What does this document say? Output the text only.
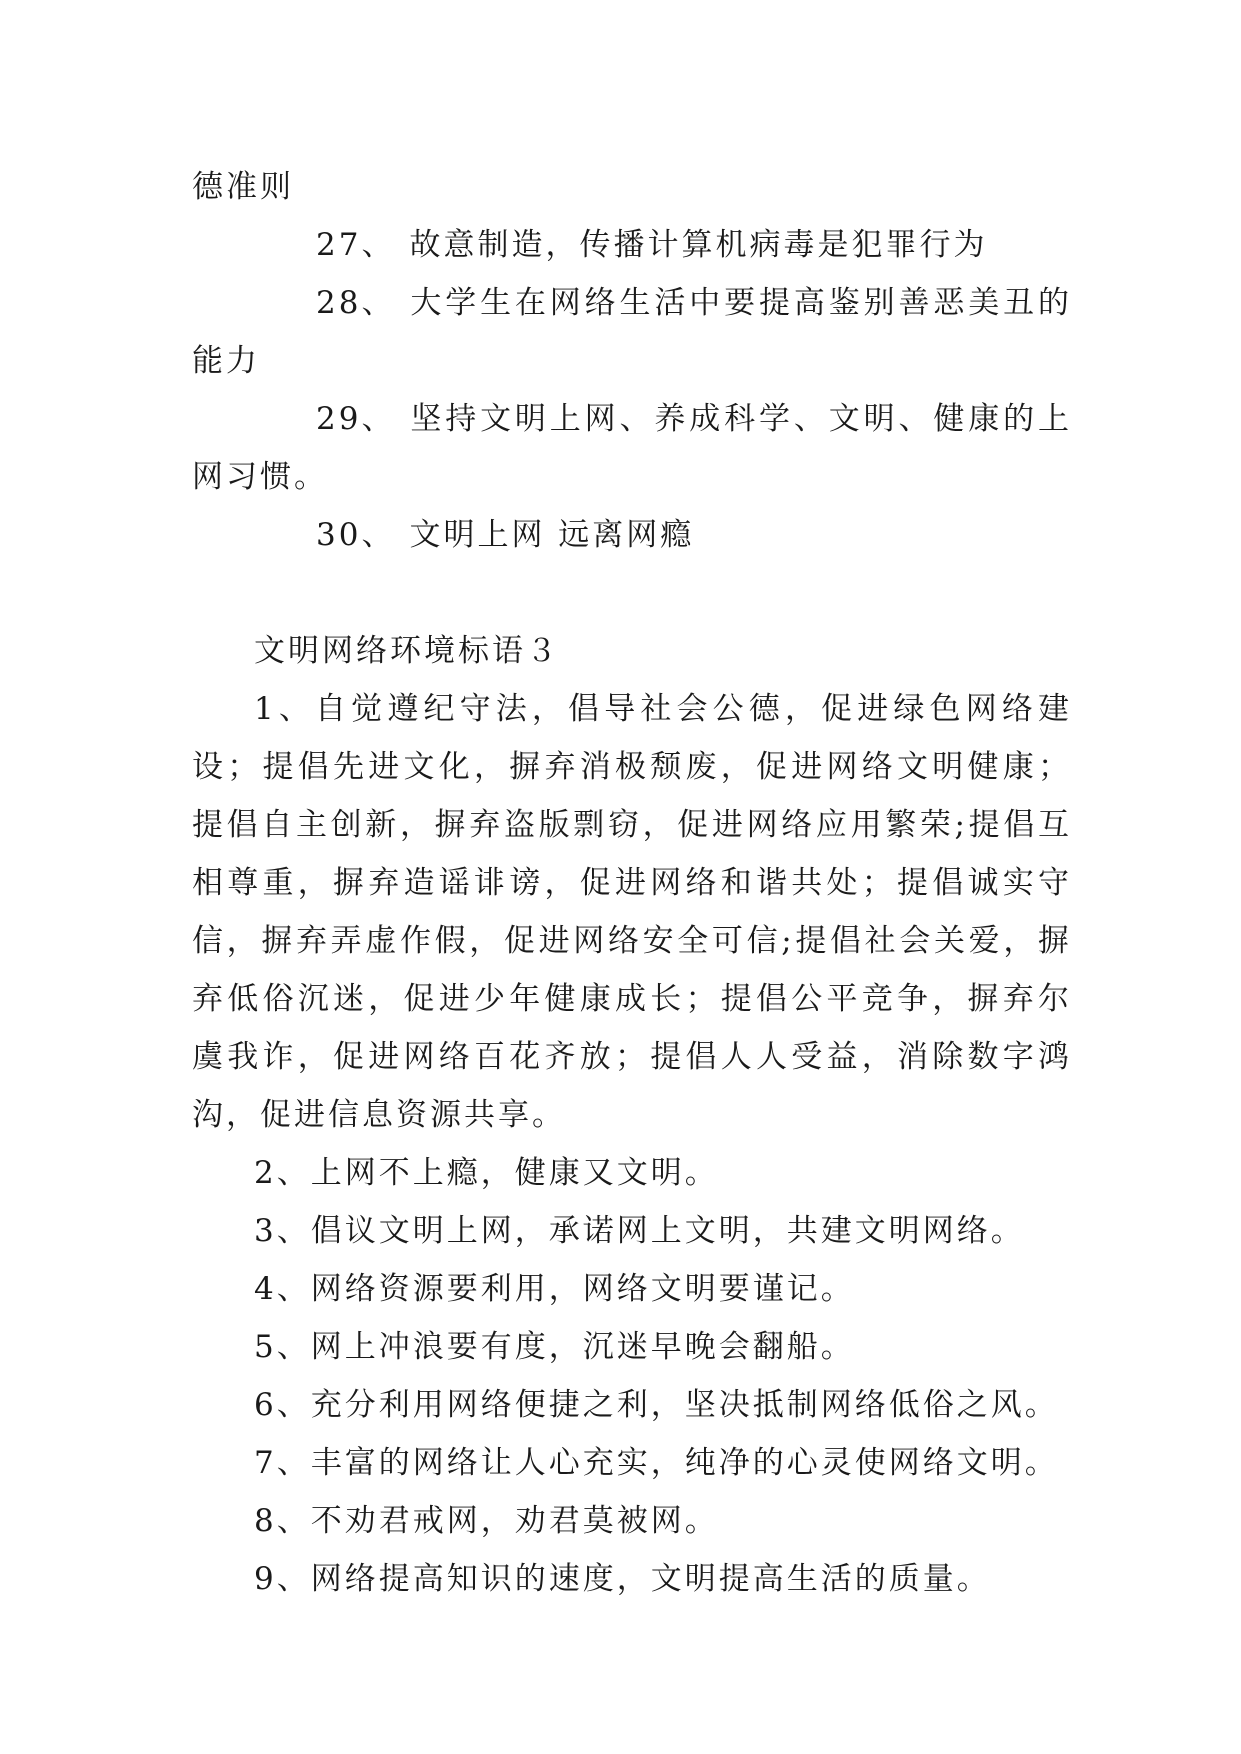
德准则

27、 故意制造，传播计算机病毒是犯罪行为

28、 大学生在网络生活中要提高鉴别善恶美丑的能力

29、 坚持文明上网、养成科学、文明、健康的上网习惯。

30、 文明上网 远离网瘾

文明网络环境标语３

1、自觉遵纪守法，倡导社会公德，促进绿色网络建设；提倡先进文化，摒弃消极颓废，促进网络文明健康；提倡自主创新，摒弃盗版剽窃，促进网络应用繁荣;提倡互相尊重，摒弃造谣诽谤，促进网络和谐共处；提倡诚实守信，摒弃弄虚作假，促进网络安全可信;提倡社会关爱，摒弃低俗沉迷，促进少年健康成长；提倡公平竞争，摒弃尔虞我诈，促进网络百花齐放；提倡人人受益，消除数字鸿沟，促进信息资源共享。

2、上网不上瘾，健康又文明。

3、倡议文明上网，承诺网上文明，共建文明网络。

4、网络资源要利用，网络文明要谨记。

5、网上冲浪要有度，沉迷早晚会翻船。

6、充分利用网络便捷之利，坚决抵制网络低俗之风。

7、丰富的网络让人心充实，纯净的心灵使网络文明。

8、不劝君戒网，劝君莫被网。

9、网络提高知识的速度，文明提高生活的质量。
